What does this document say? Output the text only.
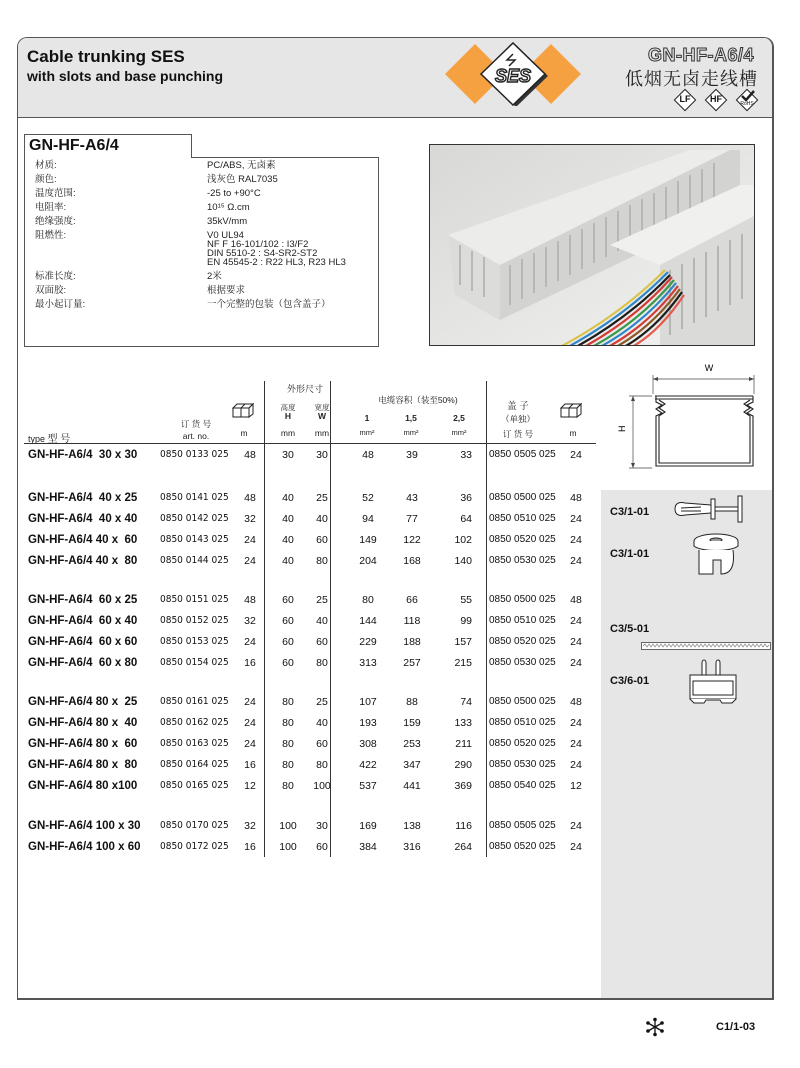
Cable trunking SES
with slots and base punching	SES
GN-HF-A6/4
低烟无卤走线槽
LF	HF	RoHS
GN-HF-A6/4
材质:	PC/ABS, 无卤素
颜色:	浅灰色 RAL7035
温度范围:	-25 to +90°C
电阻率:	10¹⁵ Ω.cm
绝缘强度:	35kV/mm
阻燃性:	V0 UL94
NF F 16-101/102 : I3/F2
DIN 5510-2 : S4-SR2-ST2
EN 45545-2 : R22 HL3, R23 HL3
标准长度:	2米
双面胶:	根据要求
最小起订量:	一个完整的包装（包含盖子）
type 型 号
订 货 号
art. no.	m
外形尺寸
高度
H
mm
宽度
W
mm
电缆容积（装至50%)
1	1,5	2,5
mm²	mm²	mm²
盖 子
（单独）
订 货 号	m
GN-HF-A6/4  30 x 30 0850 0133 025	48	30	30	48	39	33 0850 0505 025	24
GN-HF-A6/4  40 x 25 0850 0141 025	48	40	25	52	43	36 0850 0500 025	48
GN-HF-A6/4  40 x 40 0850 0142 025	32	40	40	94	77	64 0850 0510 025	24
GN-HF-A6/4 40 x  60 0850 0143 025	24	40	60	149	122	102 0850 0520 025	24
GN-HF-A6/4 40 x  80 0850 0144 025	24	40	80	204	168	140 0850 0530 025	24
GN-HF-A6/4  60 x 25 0850 0151 025	48	60	25	80	66	55 0850 0500 025	48
GN-HF-A6/4  60 x 40 0850 0152 025	32	60	40	144	118	99 0850 0510 025	24
GN-HF-A6/4  60 x 60 0850 0153 025	24	60	60	229	188	157 0850 0520 025	24
GN-HF-A6/4  60 x 80 0850 0154 025	16	60	80	313	257	215 0850 0530 025	24
GN-HF-A6/4 80 x  25 0850 0161 025	24	80	25	107	88	74 0850 0500 025	48
GN-HF-A6/4 80 x  40 0850 0162 025	24	80	40	193	159	133 0850 0510 025	24
GN-HF-A6/4 80 x  60 0850 0163 025	24	80	60	308	253	211 0850 0520 025	24
GN-HF-A6/4 80 x  80 0850 0164 025	16	80	80	422	347	290 0850 0530 025	24
GN-HF-A6/4 80 x100 0850 0165 025	12	80	100	537	441	369 0850 0540 025	12
GN-HF-A6/4 100 x 30 0850 0170 025	32	100	30	169	138	116 0850 0505 025	24
GN-HF-A6/4 100 x 60 0850 0172 025	16	100	60	384	316	264 0850 0520 025	24
W
H
C3/1-01
C3/1-01
C3/5-01
C3/6-01
C1/1-03
